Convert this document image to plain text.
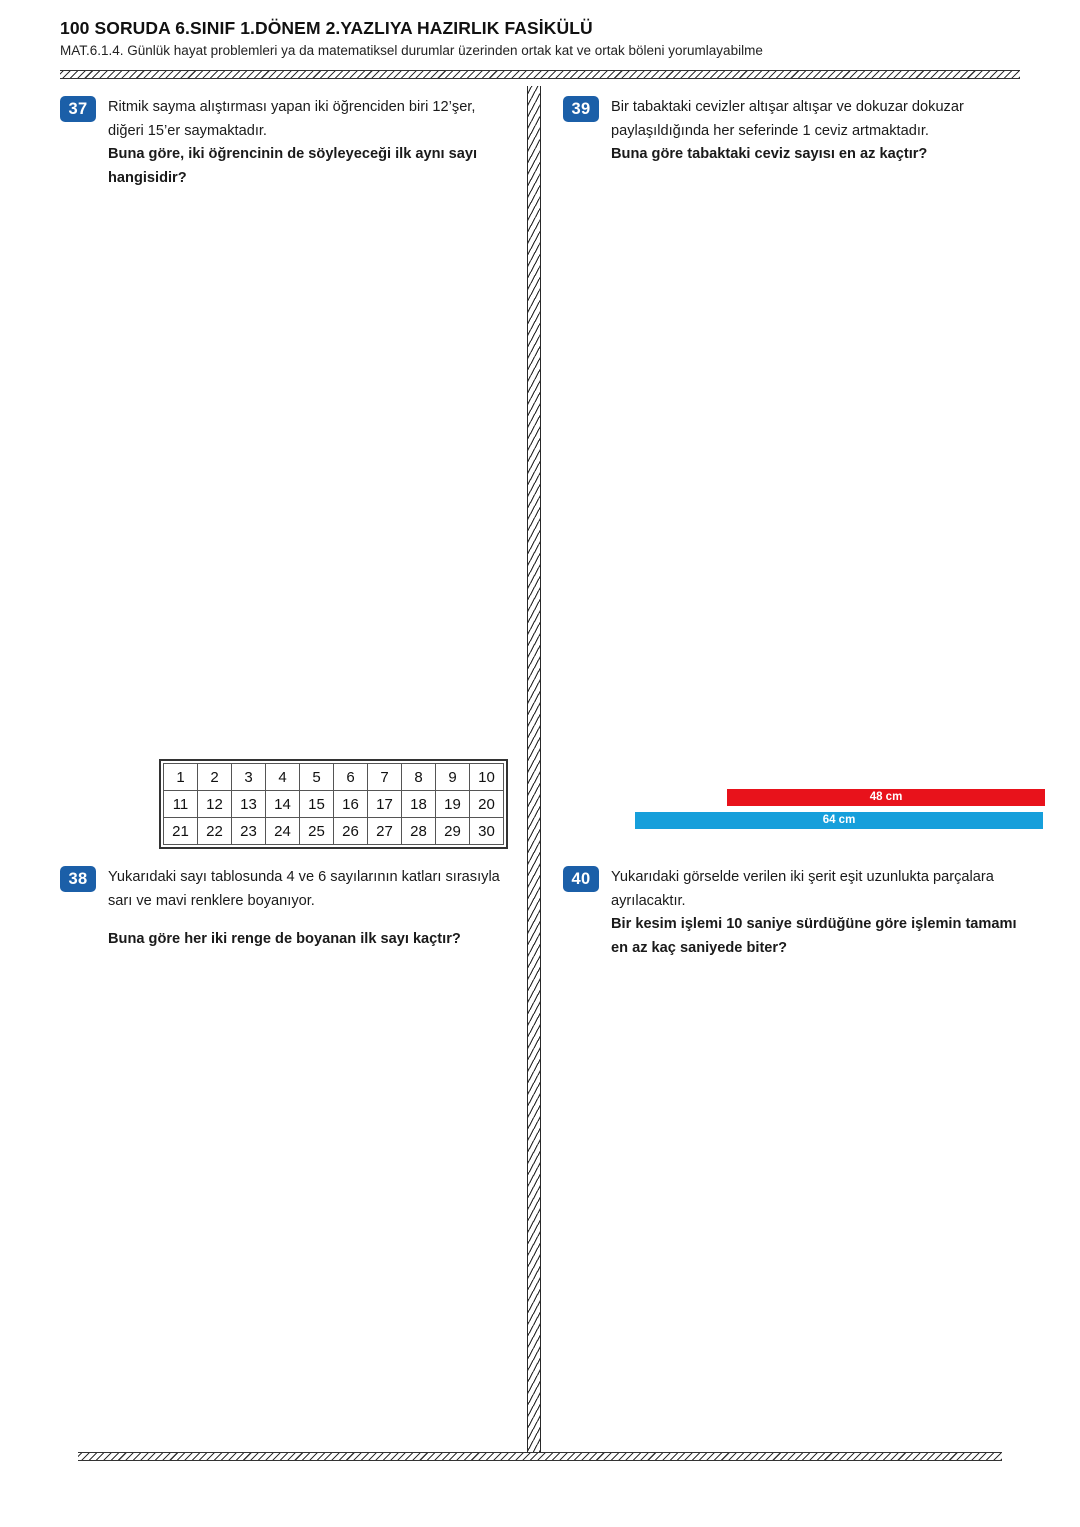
100 SORUDA 6.SINIF 1.DÖNEM 2.YAZLIYA HAZIRLIK FASİKÜLÜ
MAT.6.1.4. Günlük hayat problemleri ya da matematiksel durumlar üzerinden ortak kat ve ortak böleni yorumlayabilme
37	Ritmik sayma alıştırması yapan iki öğrenciden biri 12’şer, diğeri 15’er saymaktadır.

Buna göre, iki öğrencinin de söyleyeceği ilk aynı sayı hangisidir?

1	2	3	4	5	6	7	8	9	10
11	12	13	14	15	16	17	18	19	20
21	22	23	24	25	26	27	28	29	30
38	Yukarıdaki sayı tablosunda 4 ve 6 sayılarının katları sırasıyla sarı ve mavi renklere boyanıyor.

Buna göre her iki renge de boyanan ilk sayı kaçtır?

39	Bir tabaktaki cevizler altışar altışar ve dokuzar dokuzar paylaşıldığında her seferinde 1 ceviz artmaktadır.

Buna göre tabaktaki ceviz sayısı en az kaçtır?

48 cm
64 cm
40	Yukarıdaki görselde verilen iki şerit eşit uzunlukta parçalara ayrılacaktır.

Bir kesim işlemi 10 saniye sürdüğüne göre işlemin tamamı en az kaç saniyede biter?
